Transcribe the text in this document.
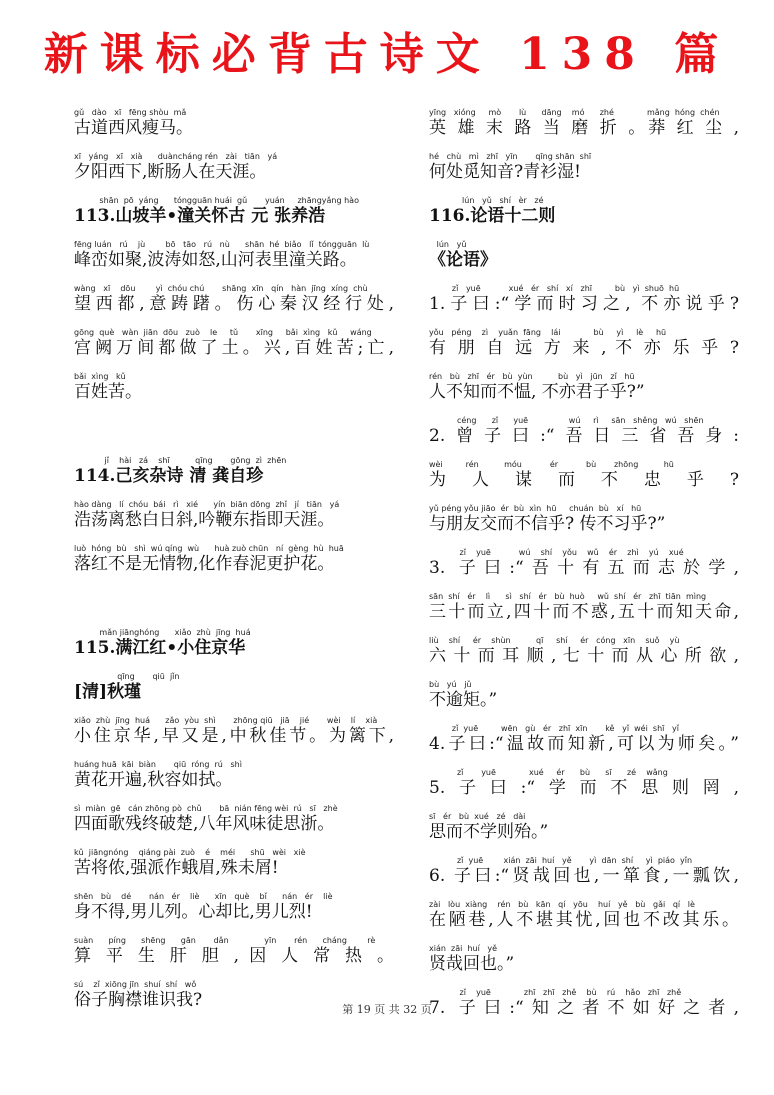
新课标必背古诗文 138 篇
gǔ   dào   xī   fēng shòu  mǎ
古道西风瘦马。
xī   yáng   xī   xià      duàncháng rén   zài   tiān   yá
夕阳西下,断肠人在天涯。
shān  pō  yáng      tóngguān huái  gǔ       yuán     zhāngyǎng hào
113.山坡羊•潼关怀古 元 张养浩
fēng luán   rú    jù        bō   tāo   rú   nù      shān  hé  biǎo   lǐ  tóngguān  lù
峰峦如聚,波涛如怒,山河表里潼关路。
wàng   xī    dōu        yì  chóu chú       shāng  xīn   qín   hàn  jīng  xíng  chù
望西都,意踌躇。伤心秦汉经行处,
gōng  què   wàn  jiān  dōu   zuò    le     tǔ       xīng     bǎi  xìng   kǔ     wáng
宫阙万间都做了土。兴,百姓苦;亡,
bǎi  xìng   kǔ
百姓苦。
jǐ    hài   zá    shī          qīng       gōng  zì  zhēn
114.己亥杂诗 清 龚自珍
hào dàng   lí  chóu  bái   rì   xié      yín  biān dōng  zhǐ   jí   tiān   yá
浩荡离愁白日斜,吟鞭东指即天涯。
luò  hóng  bù   shì  wú qíng  wù      huà zuò chūn   ní  gèng  hù  huā
落红不是无情物,化作春泥更护花。
mǎn jiānghóng      xiǎo  zhù  jīng  huá
115.满江红•小住京华
qīng       qiū  jǐn
[清]秋瑾
xiǎo  zhù  jīng  huá      zǎo  yòu  shì       zhōng qiū   jiā    jié       wèi    lí    xià
小住京华,早又是,中秋佳节。为篱下,
huáng huā  kāi  biàn       qiū  róng  rú   shì
黄花开遍,秋容如拭。
sì  miàn  gē   cán zhōng pò  chǔ       bā  nián fēng wèi  rú   sī   zhè
四面歌残终破楚,八年风味徒思浙。
kǔ  jiāngnóng    qiáng pài  zuò    é    méi      shū   wèi   xiè
苦将侬,强派作蛾眉,殊未屑!
shēn   bù    dé       nán   ér    liè      xīn   què    bǐ      nán   ér    liè
身不得,男儿列。心却比,男儿烈!
suàn      píng      shēng      gān       dǎn              yīn       rén      cháng        rè
算 平 生 肝 胆 , 因 人 常 热 。
sú    zǐ  xiōng jīn  shuí  shí   wǒ
俗子胸襟谁识我?
yīng   xióng     mò       lù      dāng    mó      zhé             mǎng  hóng  chén
英 雄 末 路 当 磨 折 。莽 红 尘 ,
hé   chù   mì   zhī   yīn       qīng shān  shī
何处觅知音?青衫湿!
lún   yǔ   shí   èr   zé
116.论语十二则
lún   yǔ
《论语》
zǐ   yuē           xué   ér   shí   xí   zhī         bù   yì  shuō  hū
1.子曰:“学而时习之, 不亦说乎?
yǒu   péng    zì    yuǎn  fāng    lái             bù     yì     lè     hū
有 朋 自 远 方 来 , 不 亦 乐 乎 ?
rén   bù   zhī   ér   bù  yùn          bù   yì   jūn   zǐ   hū
人不知而不愠, 不亦君子乎?”
céng      zǐ      yuē                wú     rì     sān   shěng   wú   shēn
2.曾子曰:“吾日三省吾身:
wèi         rén          móu           ér           bù       zhōng          hū
为 人 谋 而 不 忠 乎 ?
yǔ péng yǒu jiāo  ér  bù  xìn  hū     chuán  bù   xí   hū
与朋友交而不信乎? 传不习乎?”
zǐ    yuē           wú    shí    yǒu    wǔ    ér    zhì    yú    xué
3. 子曰:“吾十有五而志於学,
sān  shí   ér    lì      sì   shí   ér   bù  huò     wǔ  shí   ér   zhī  tiān  mìng
三十而立,四十而不惑,五十而知天命,
liù    shí     ér    shùn          qī     shí     ér   cóng   xīn    suǒ    yù
六 十 而 耳 顺 , 七 十 而 从 心 所 欲 ,
bù   yú   jǔ
不逾矩。”
zǐ  yuē         wēn   gù   ér   zhī  xīn       kě   yǐ  wéi  shī   yǐ
4.子曰:“温故而知新,可以为师矣。”
zǐ       yuē             xué     ér      bù      sī      zé    wǎng
5.子曰:“学而不思则罔,
sī   ér   bù  xué   zé   dài
思而不学则殆。”
zǐ  yuē        xián  zāi  huí   yě       yì  dān  shí     yì  piáo  yǐn
6. 子曰:“贤哉回也,一箪食,一瓢饮,
zài   lòu  xiàng    rén   bù   kān   qí   yōu    huí   yě   bù   gǎi   qí   lè
在陋巷,人不堪其忧,回也不改其乐。
xián  zāi  huí   yě
贤哉回也。”
zǐ    yuē             zhī   zhī   zhě    bù    rú    hǎo   zhī   zhě
7. 子曰:“知之者不如好之者,
第 19 页 共 32 页
